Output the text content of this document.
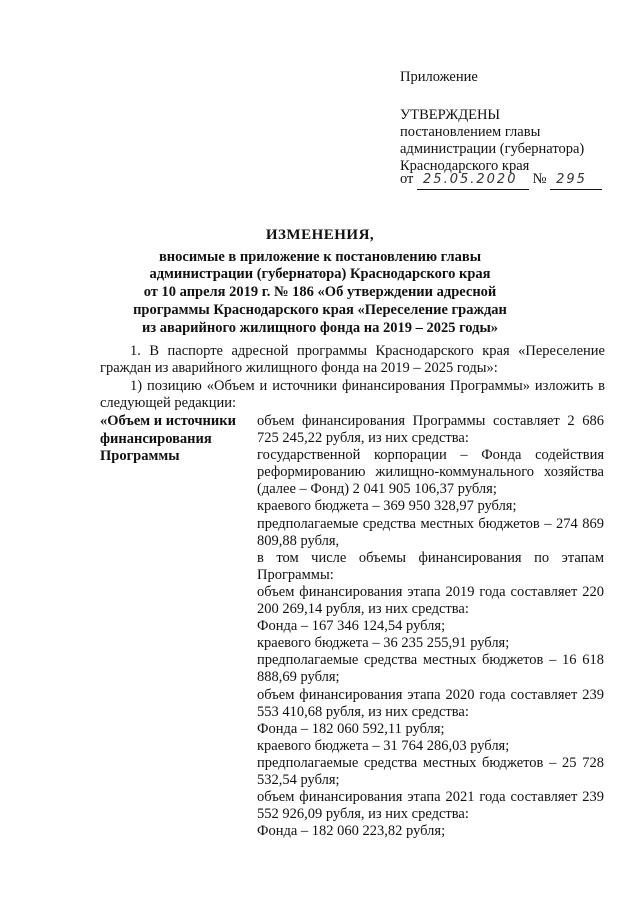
Приложение
УТВЕРЖДЕНЫ
постановлением главы
администрации (губернатора)
Краснодарского края
от 25.05.2020 № 295
ИЗМЕНЕНИЯ,
вносимые в приложение к постановлению главы
администрации (губернатора) Краснодарского края
от 10 апреля 2019 г. № 186 «Об утверждении адресной
программы Краснодарского края «Переселение граждан
из аварийного жилищного фонда на 2019 – 2025 годы»
1. В паспорте адресной программы Краснодарского края «Переселение граждан из аварийного жилищного фонда на 2019 – 2025 годы»:
1) позицию «Объем и источники финансирования Программы» изложить в следующей редакции:
«Объем и источники финансирования Программы

объем финансирования Программы составляет 2 686 725 245,22 рубля, из них средства:

государственной корпорации – Фонда содействия реформированию жилищно-коммунального хозяйства (далее – Фонд) 2 041 905 106,37 рубля;

краевого бюджета – 369 950 328,97 рубля;

предполагаемые средства местных бюджетов – 274 869 809,88 рубля,

в том числе объемы финансирования по этапам Программы:

объем финансирования этапа 2019 года составляет 220 200 269,14 рубля, из них средства:

Фонда – 167 346 124,54 рубля;

краевого бюджета – 36 235 255,91 рубля;

предполагаемые средства местных бюджетов – 16 618 888,69 рубля;

объем финансирования этапа 2020 года составляет 239 553 410,68 рубля, из них средства:

Фонда – 182 060 592,11 рубля;

краевого бюджета – 31 764 286,03 рубля;

предполагаемые средства местных бюджетов – 25 728 532,54 рубля;

объем финансирования этапа 2021 года составляет 239 552 926,09 рубля, из них средства:

Фонда – 182 060 223,82 рубля;
